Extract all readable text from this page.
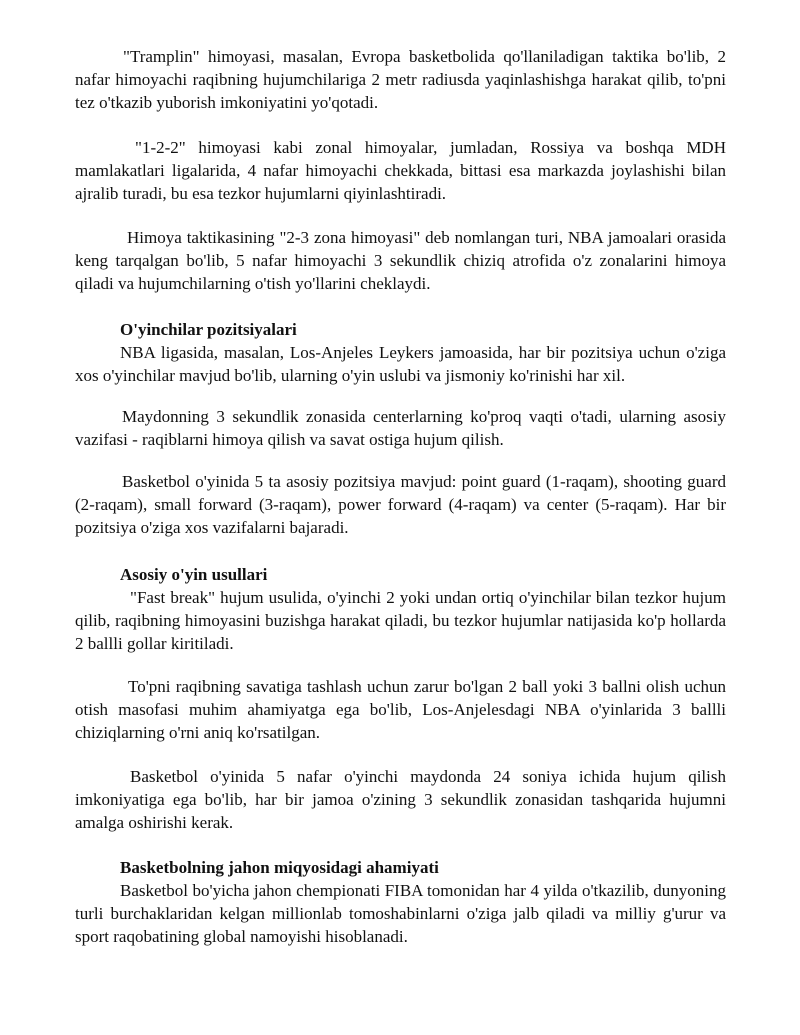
"Tramplin" himoyasi, masalan, Evropa basketbolida qo'llaniladigan taktika bo'lib, 2 nafar himoyachi raqibning hujumchilariga 2 metr radiusda yaqinlashishga harakat qilib, to'pni tez o'tkazib yuborish imkoniyatini yo'qotadi.

"1-2-2" himoyasi kabi zonal himoyalar, jumladan, Rossiya va boshqa MDH mamlakatlari ligalarida, 4 nafar himoyachi chekkada, bittasi esa markazda joylashishi bilan ajralib turadi, bu esa tezkor hujumlarni qiyinlashtiradi.

Himoya taktikasining "2-3 zona himoyasi" deb nomlangan turi, NBA jamoalari orasida keng tarqalgan bo'lib, 5 nafar himoyachi 3 sekundlik chiziq atrofida o'z zonalarini himoya qiladi va hujumchilarning o'tish yo'llarini cheklaydi.

O'yinchilar pozitsiyalari

NBA ligasida, masalan, Los-Anjeles Leykers jamoasida, har bir pozitsiya uchun o'ziga xos o'yinchilar mavjud bo'lib, ularning o'yin uslubi va jismoniy ko'rinishi har xil.

Maydonning 3 sekundlik zonasida centerlarning ko'proq vaqti o'tadi, ularning asosiy vazifasi - raqiblarni himoya qilish va savat ostiga hujum qilish.

Basketbol o'yinida 5 ta asosiy pozitsiya mavjud: point guard (1-raqam), shooting guard (2-raqam), small forward (3-raqam), power forward (4-raqam) va center (5-raqam). Har bir pozitsiya o'ziga xos vazifalarni bajaradi.

Asosiy o'yin usullari

"Fast break" hujum usulida, o'yinchi 2 yoki undan ortiq o'yinchilar bilan tezkor hujum qilib, raqibning himoyasini buzishga harakat qiladi, bu tezkor hujumlar natijasida ko'p hollarda 2 ballli gollar kiritiladi.

To'pni raqibning savatiga tashlash uchun zarur bo'lgan 2 ball yoki 3 ballni olish uchun otish masofasi muhim ahamiyatga ega bo'lib, Los-Anjelesdagi NBA o'yinlarida 3 ballli chiziqlarning o'rni aniq ko'rsatilgan.

Basketbol o'yinida 5 nafar o'yinchi maydonda 24 soniya ichida hujum qilish imkoniyatiga ega bo'lib, har bir jamoa o'zining 3 sekundlik zonasidan tashqarida hujumni amalga oshirishi kerak.

Basketbolning jahon miqyosidagi ahamiyati

Basketbol bo'yicha jahon chempionati FIBA tomonidan har 4 yilda o'tkazilib, dunyoning turli burchaklaridan kelgan millionlab tomoshabinlarni o'ziga jalb qiladi va milliy g'urur va sport raqobatining global namoyishi hisoblanadi.
